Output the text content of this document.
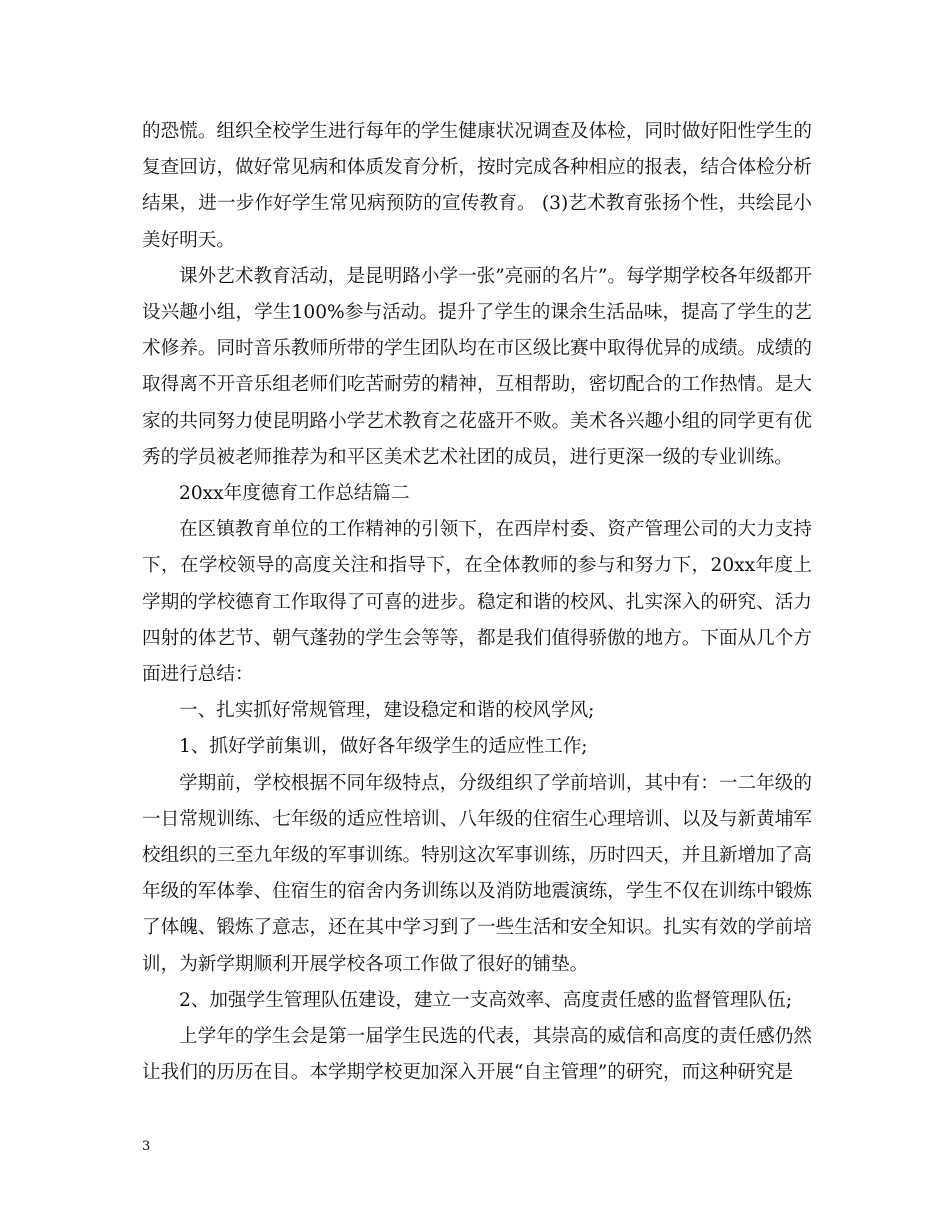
的恐慌。组织全校学生进行每年的学生健康状况调查及体检，同时做好阳性学生的复查回访，做好常见病和体质发育分析，按时完成各种相应的报表，结合体检分析结果，进一步作好学生常见病预防的宣传教育。 (3)艺术教育张扬个性，共绘昆小美好明天。

课外艺术教育活动，是昆明路小学一张”亮丽的名片”。每学期学校各年级都开设兴趣小组，学生100%参与活动。提升了学生的课余生活品味，提高了学生的艺术修养。同时音乐教师所带的学生团队均在市区级比赛中取得优异的成绩。成绩的取得离不开音乐组老师们吃苦耐劳的精神，互相帮助，密切配合的工作热情。是大家的共同努力使昆明路小学艺术教育之花盛开不败。美术各兴趣小组的同学更有优秀的学员被老师推荐为和平区美术艺术社团的成员，进行更深一级的专业训练。

20xx年度德育工作总结篇二

在区镇教育单位的工作精神的引领下，在西岸村委、资产管理公司的大力支持下，在学校领导的高度关注和指导下，在全体教师的参与和努力下，20xx年度上学期的学校德育工作取得了可喜的进步。稳定和谐的校风、扎实深入的研究、活力四射的体艺节、朝气蓬勃的学生会等等，都是我们值得骄傲的地方。下面从几个方面进行总结：

一、扎实抓好常规管理，建设稳定和谐的校风学风;

1、抓好学前集训，做好各年级学生的适应性工作;

学期前，学校根据不同年级特点，分级组织了学前培训，其中有：一二年级的一日常规训练、七年级的适应性培训、八年级的住宿生心理培训、以及与新黄埔军校组织的三至九年级的军事训练。特别这次军事训练，历时四天，并且新增加了高年级的军体拳、住宿生的宿舍内务训练以及消防地震演练，学生不仅在训练中锻炼了体魄、锻炼了意志，还在其中学习到了一些生活和安全知识。扎实有效的学前培训，为新学期顺利开展学校各项工作做了很好的铺垫。

2、加强学生管理队伍建设，建立一支高效率、高度责任感的监督管理队伍;

上学年的学生会是第一届学生民选的代表，其崇高的威信和高度的责任感仍然让我们的历历在目。本学期学校更加深入开展“自主管理”的研究，而这种研究是

3
